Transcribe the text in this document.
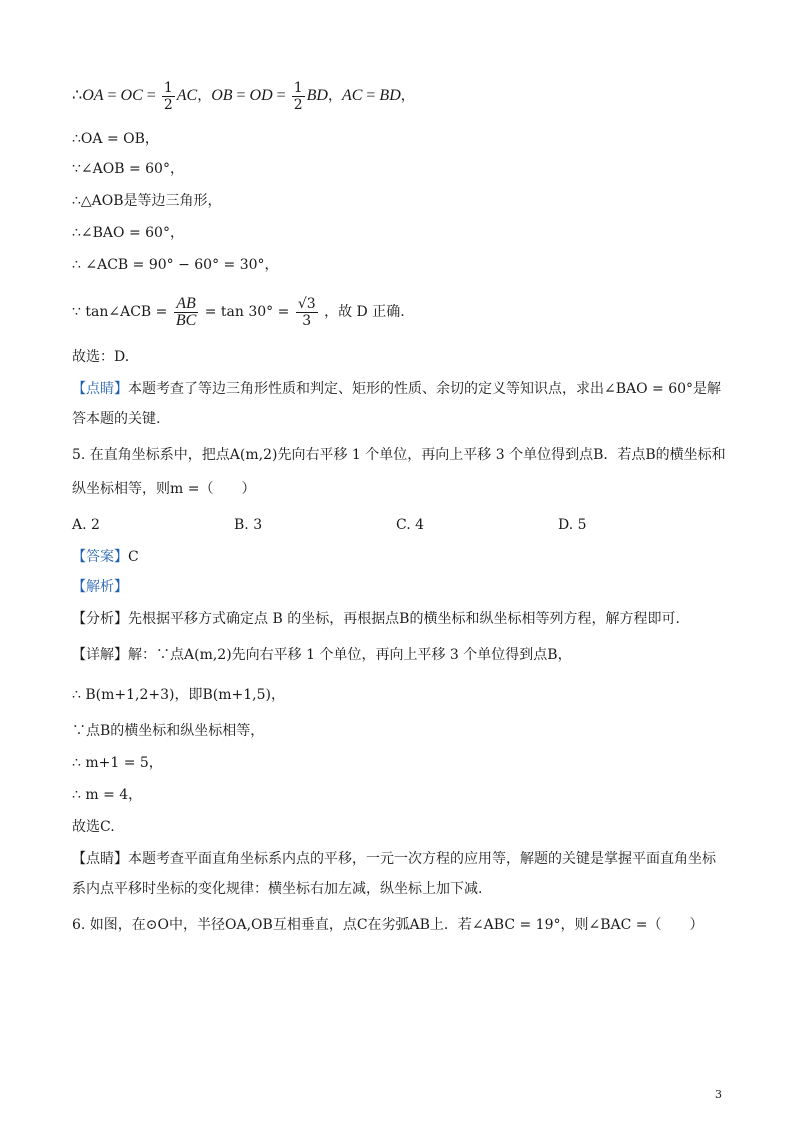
∴OA = OC = $\frac{1}{2}$ AC，OB = OD = $\frac{1}{2}$ BD，AC = BD，
∴OA = OB，
∵∠AOB = 60°，
∴△AOB是等边三角形，
∴∠BAO = 60°，
∴ ∠ACB = 90° − 60° = 30°，
∵ tan∠ACB = $\frac{AB}{BC} = \tan 30^\circ = \frac{√3}{3}$ ，故 D 正确.
故选：D.
【点睛】本题考查了等边三角形性质和判定、矩形的性质、余切的定义等知识点，求出∠BAO = 60°是解
答本题的关键.
5. 在直角坐标系中，把点A(m,2)先向右平移 1 个单位，再向上平移 3 个单位得到点B．若点B的横坐标和
纵坐标相等，则m =（　　）
A. 2	B. 3	C. 4	D. 5
【答案】C
【解析】
【分析】先根据平移方式确定点 B 的坐标，再根据点B的横坐标和纵坐标相等列方程，解方程即可.
【详解】解：∵点A(m,2)先向右平移 1 个单位，再向上平移 3 个单位得到点B，
∴ B(m+1,2+3)，即B(m+1,5)，
∵点B的横坐标和纵坐标相等，
∴ m+1 = 5，
∴ m = 4，
故选C.
【点睛】本题考查平面直角坐标系内点的平移，一元一次方程的应用等，解题的关键是掌握平面直角坐标
系内点平移时坐标的变化规律：横坐标右加左减，纵坐标上加下减.
6. 如图，在⊙O中，半径OA,OB互相垂直，点C在劣弧AB上．若∠ABC = 19°，则∠BAC =（　　）
3
